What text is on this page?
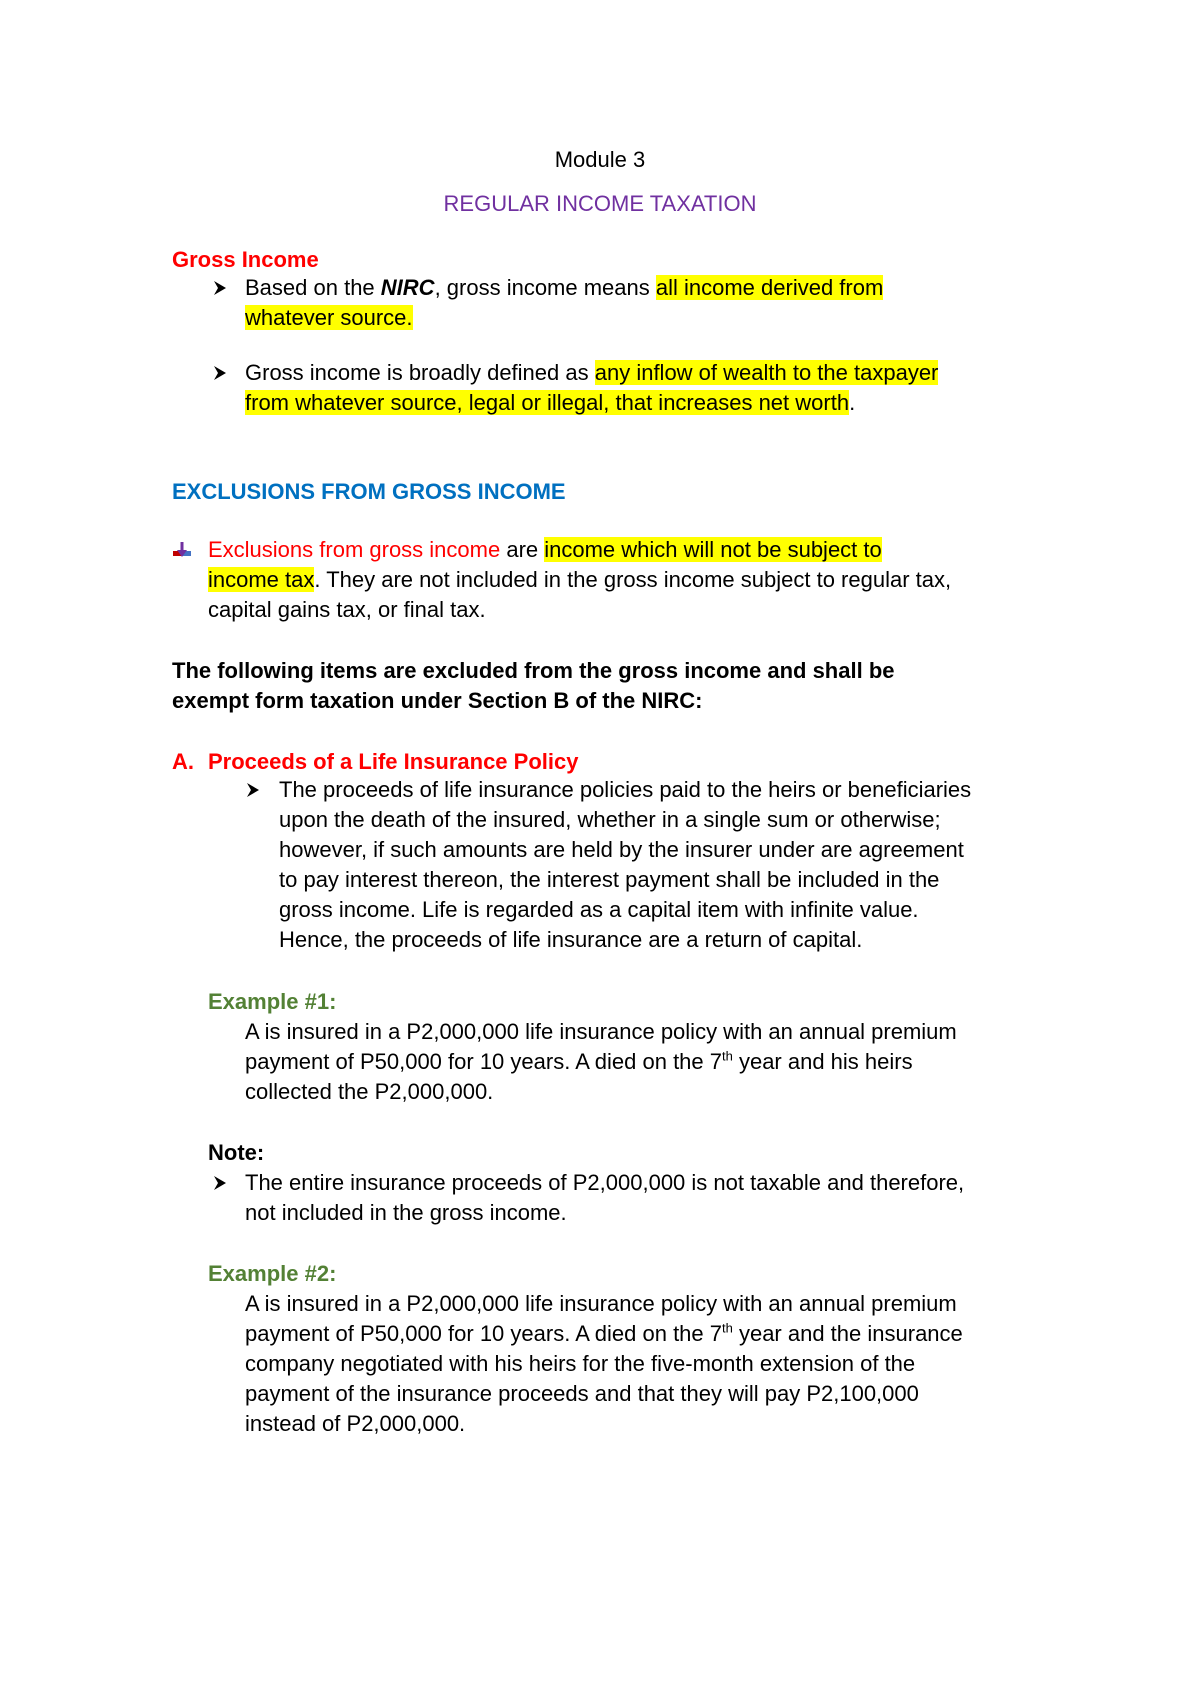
Module 3
REGULAR INCOME TAXATION
Gross Income
Based on the NIRC, gross income means all income derived from
whatever source.
Gross income is broadly defined as any inflow of wealth to the taxpayer
from whatever source, legal or illegal, that increases net worth.
EXCLUSIONS FROM GROSS INCOME
Exclusions from gross income are income which will not be subject to
income tax. They are not included in the gross income subject to regular tax,
capital gains tax, or final tax.
The following items are excluded from the gross income and shall be
exempt form taxation under Section B of the NIRC:
A. Proceeds of a Life Insurance Policy
The proceeds of life insurance policies paid to the heirs or beneficiaries
upon the death of the insured, whether in a single sum or otherwise;
however, if such amounts are held by the insurer under are agreement
to pay interest thereon, the interest payment shall be included in the
gross income. Life is regarded as a capital item with infinite value.
Hence, the proceeds of life insurance are a return of capital.
Example #1:
A is insured in a P2,000,000 life insurance policy with an annual premium
payment of P50,000 for 10 years. A died on the 7th year and his heirs
collected the P2,000,000.
Note:
The entire insurance proceeds of P2,000,000 is not taxable and therefore,
not included in the gross income.
Example #2:
A is insured in a P2,000,000 life insurance policy with an annual premium
payment of P50,000 for 10 years. A died on the 7th year and the insurance
company negotiated with his heirs for the five-month extension of the
payment of the insurance proceeds and that they will pay P2,100,000
instead of P2,000,000.
